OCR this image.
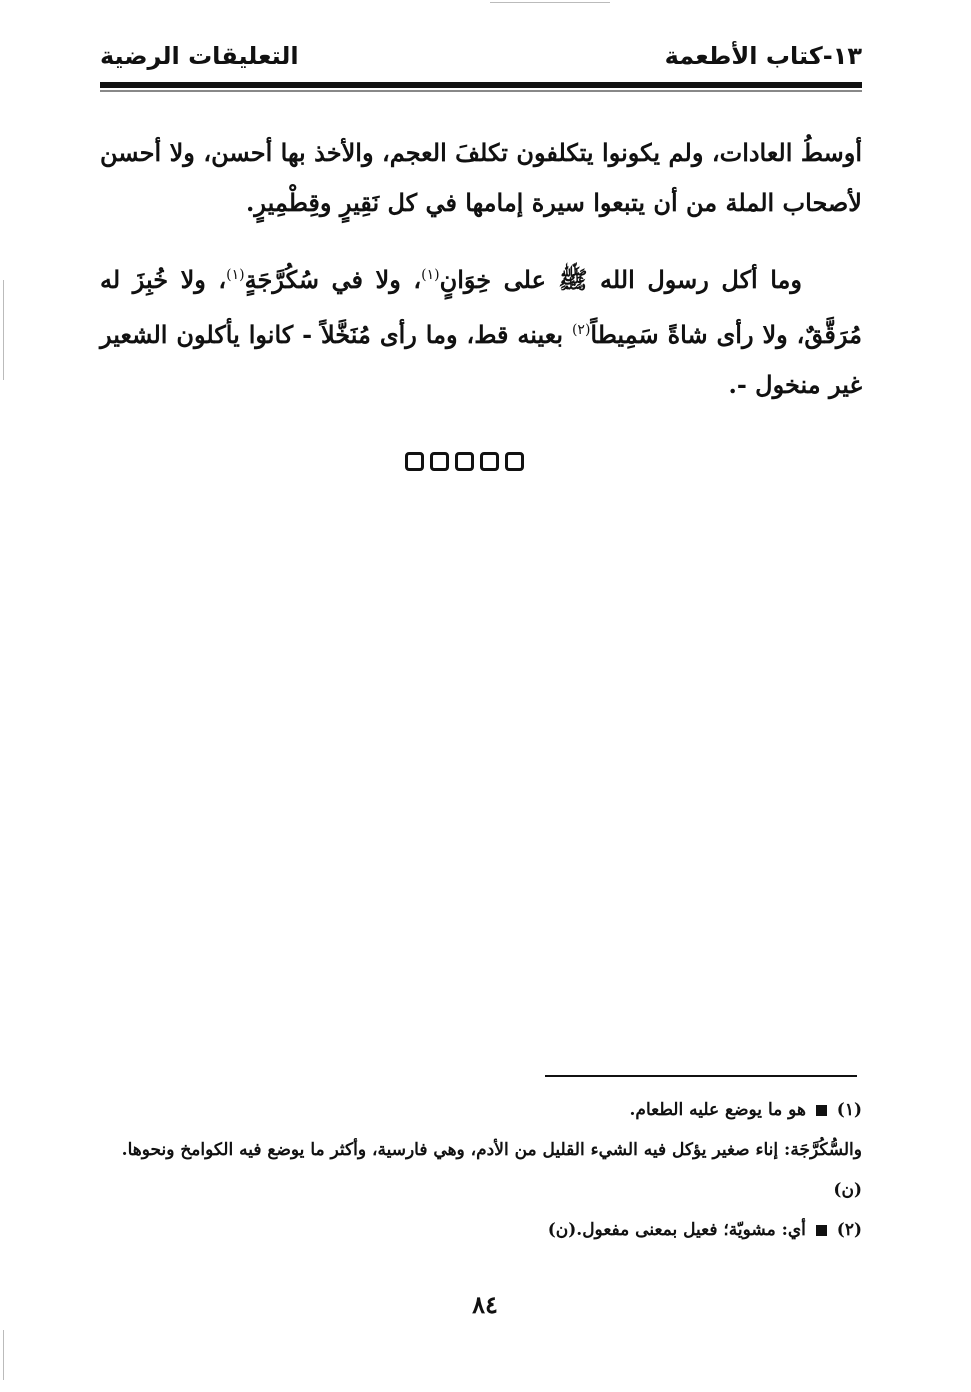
١٣-كتاب الأطعمة
التعليقات الرضية

أوسطُ العادات، ولم يكونوا يتكلفون تكلفَ العجم، والأخذ بها أحسن، ولا أحسن لأصحاب الملة من أن يتبعوا سيرة إمامها في كل نَقِيرٍ وقِطْمِيرٍ.

وما أكل رسول الله ﷺ على خِوَانٍ$^{(١)}$، ولا في سُكُرَّجَةٍ$^{(١)}$، ولا خُبِزَ له مُرَقَّقٌ، ولا رأى شاةً سَمِيطاً$^{(٢)}$ بعينه قط، وما رأى مُنَخَّلاً - كانوا يأكلون الشعير غير منخول -.

(١)  هو ما يوضع عليه الطعام.
والسُّكُرَّجَة: إناء صغير يؤكل فيه الشيء القليل من الأدم، وهي فارسية، وأكثر ما يوضع فيه الكوامخ ونحوها.(ن)
(٢)  أي: مشويّة؛ فعيل بمعنى مفعول.(ن)
٨٤
